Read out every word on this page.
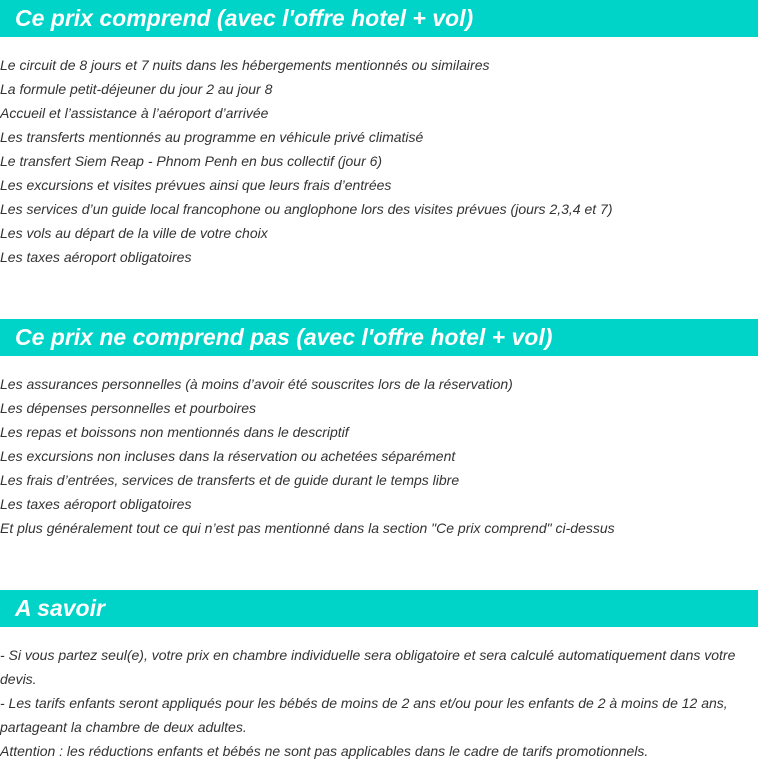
Ce prix comprend (avec l'offre hotel + vol)
Le circuit de 8 jours et 7 nuits dans les hébergements mentionnés ou similaires
La formule petit-déjeuner du jour 2 au jour 8
Accueil et l’assistance à l’aéroport d’arrivée
Les transferts mentionnés au programme en véhicule privé climatisé
Le transfert Siem Reap - Phnom Penh en bus collectif (jour 6)
Les excursions et visites prévues ainsi que leurs frais d’entrées
Les services d’un guide local francophone ou anglophone lors des visites prévues (jours 2,3,4 et 7)
Les vols au départ de la ville de votre choix
Les taxes aéroport obligatoires
Ce prix ne comprend pas (avec l'offre hotel + vol)
Les assurances personnelles (à moins d’avoir été souscrites lors de la réservation)
Les dépenses personnelles et pourboires
Les repas et boissons non mentionnés dans le descriptif
Les excursions non incluses dans la réservation ou achetées séparément
Les frais d’entrées, services de transferts et de guide durant le temps libre
Les taxes aéroport obligatoires
Et plus généralement tout ce qui n’est pas mentionné dans la section "Ce prix comprend" ci-dessus
A savoir

- Si vous partez seul(e), votre prix en chambre individuelle sera obligatoire et sera calculé automatiquement dans votre devis.

- Les tarifs enfants seront appliqués pour les bébés de moins de 2 ans et/ou pour les enfants de 2 à moins de 12 ans, partageant la chambre de deux adultes.

Attention : les réductions enfants et bébés ne sont pas applicables dans le cadre de tarifs promotionnels.
